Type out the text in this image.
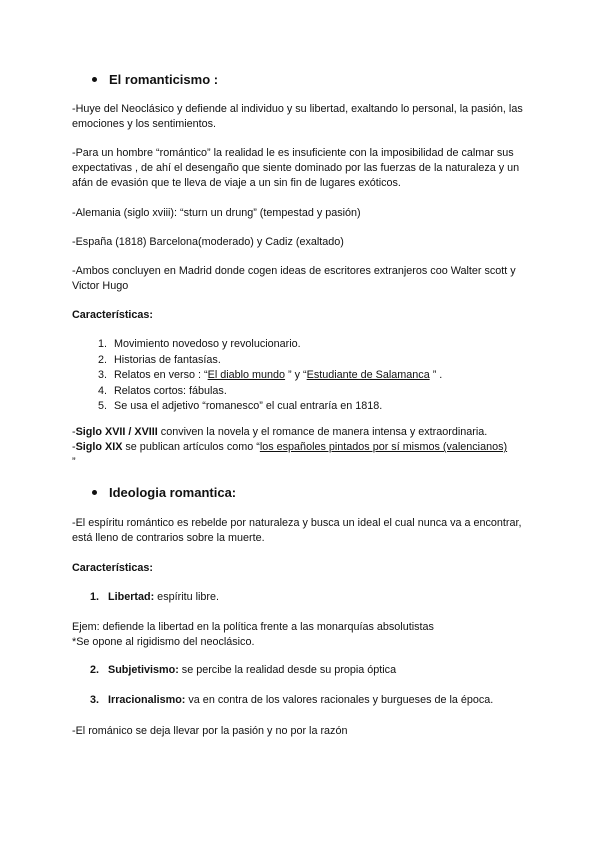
El romanticismo :
-Huye del Neoclásico y defiende al individuo y su libertad, exaltando lo personal, la pasión, las emociones y los sentimientos.
-Para un hombre “romántico” la realidad le es insuficiente con la imposibilidad de calmar sus expectativas , de ahí el desengaño que siente dominado por las fuerzas de la naturaleza y un afán de evasión que te lleva de viaje a un sin fin de lugares exóticos.
-Alemania (siglo xviii): “sturn un drung” (tempestad y pasión)
-España (1818) Barcelona(moderado) y Cadiz (exaltado)
-Ambos concluyen en Madrid donde cogen ideas de escritores extranjeros coo Walter scott y Victor Hugo
Características:
1. Movimiento novedoso y revolucionario.
2. Historias de fantasías.
3. Relatos en verso : “El diablo mundo ” y “Estudiante de Salamanca ” .
4. Relatos cortos: fábulas.
5. Se usa el adjetivo “romanesco” el cual entraría en 1818.
-Siglo XVII / XVIII conviven la novela y el romance de manera intensa y extraordinaria.
-Siglo XIX se publican artículos como “los españoles pintados por sí mismos (valencianos)
”
Ideologia romantica:
-El espíritu romántico es rebelde por naturaleza y busca un ideal el cual nunca va a encontrar, está lleno de contrarios sobre la muerte.
Características:
1. Libertad: espíritu libre.
Ejem: defiende la libertad en la política frente a las monarquías absolutistas
*Se opone al rigidismo del neoclásico.
2. Subjetivismo: se percibe la realidad desde su propia óptica
3. Irracionalismo: va en contra de los valores racionales y burgueses de la época.
-El románico se deja llevar por la pasión y no por la razón
